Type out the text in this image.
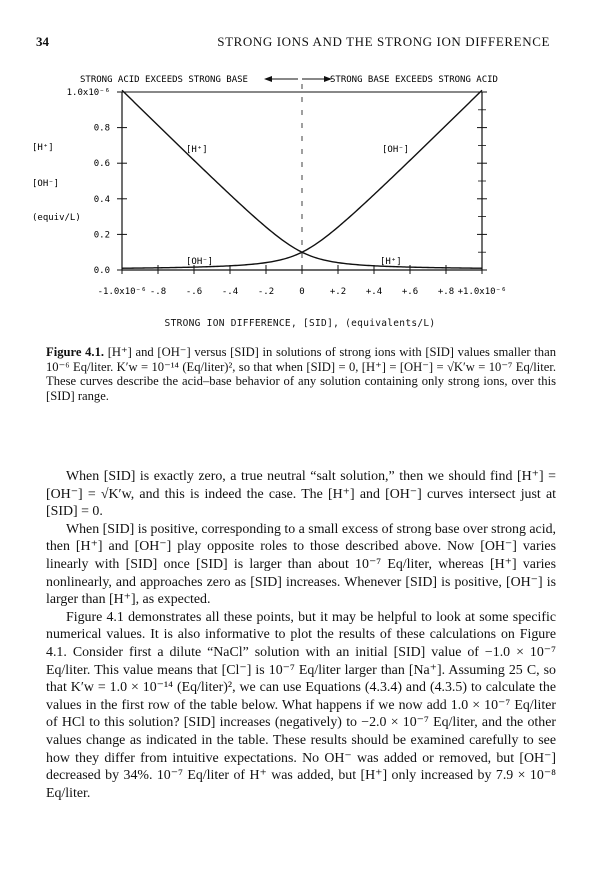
34	STRONG IONS AND THE STRONG ION DIFFERENCE
STRONG ACID EXCEEDS STRONG BASE	STRONG BASE EXCEEDS STRONG ACID
0.0
0.2
0.4
0.6
0.8
1.0x10⁻⁶
-1.0x10⁻⁶ -.8 -.6 -.4 -.2	0	+.2 +.4 +.6 +.8 +1.0x10⁻⁶
[H⁺]
[OH⁻]
(equiv/L)
[H⁺]	[OH⁻]
[OH⁻]	[H⁺]
STRONG ION DIFFERENCE, [SID], (equivalents/L)
Figure 4.1. [H⁺] and [OH⁻] versus [SID] in solutions of strong ions with [SID] values smaller than 10⁻⁶ Eq/liter. K′w = 10⁻¹⁴ (Eq/liter)², so that when [SID] = 0, [H⁺] = [OH⁻] = √K′w = 10⁻⁷ Eq/liter. These curves describe the acid–base behavior of any solution containing only strong ions, over this [SID] range.

When [SID] is exactly zero, a true neutral “salt solution,” then we should find [H⁺] = [OH⁻] = √K′w, and this is indeed the case. The [H⁺] and [OH⁻] curves intersect just at [SID] = 0.

When [SID] is positive, corresponding to a small excess of strong base over strong acid, then [H⁺] and [OH⁻] play opposite roles to those described above. Now [OH⁻] varies linearly with [SID] once [SID] is larger than about 10⁻⁷ Eq/liter, whereas [H⁺] varies nonlinearly, and approaches zero as [SID] increases. Whenever [SID] is positive, [OH⁻] is larger than [H⁺], as expected.

Figure 4.1 demonstrates all these points, but it may be helpful to look at some specific numerical values. It is also informative to plot the results of these calculations on Figure 4.1. Consider first a dilute “NaCl” solution with an initial [SID] value of −1.0 × 10⁻⁷ Eq/liter. This value means that [Cl⁻] is 10⁻⁷ Eq/liter larger than [Na⁺]. Assuming 25 C, so that K′w = 1.0 × 10⁻¹⁴ (Eq/liter)², we can use Equations (4.3.4) and (4.3.5) to calculate the values in the first row of the table below. What happens if we now add 1.0 × 10⁻⁷ Eq/liter of HCl to this solution? [SID] increases (negatively) to −2.0 × 10⁻⁷ Eq/liter, and the other values change as indicated in the table. These results should be examined carefully to see how they differ from intuitive expectations. No OH⁻ was added or removed, but [OH⁻] decreased by 34%. 10⁻⁷ Eq/liter of H⁺ was added, but [H⁺] only increased by 7.9 × 10⁻⁸ Eq/liter.
